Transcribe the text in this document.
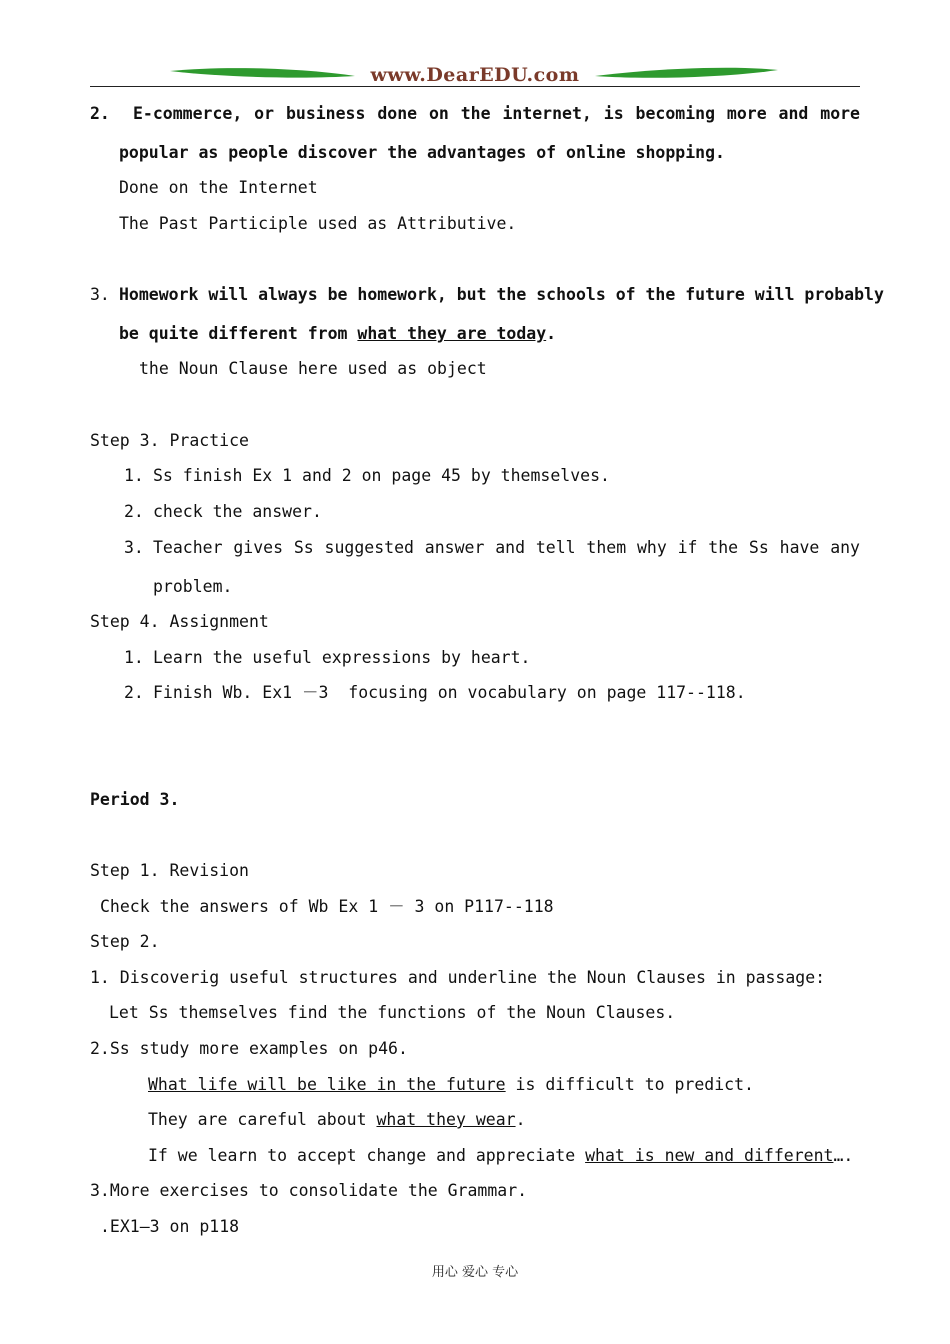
www.DearEDU.com
2. E-commerce, or business done on the internet, is becoming more and more
popular as people discover the advantages of online shopping.
Done on the Internet
The Past Participle used as Attributive.
3. Homework will always be homework, but the schools of the future will probably
be quite different from what they are today.
the Noun Clause here used as object
Step 3. Practice
1. Ss finish Ex 1 and 2 on page 45 by themselves.
2. check the answer.
3. Teacher gives Ss suggested answer and tell them why if the Ss have any
problem.
Step 4. Assignment
1. Learn the useful expressions by heart.
2. Finish Wb. Ex1 －3  focusing on vocabulary on page 117--118.
Period 3.
Step 1. Revision
Check the answers of Wb Ex 1 － 3 on P117--118
Step 2.
1. Discoverig useful structures and underline the Noun Clauses in passage:
Let Ss themselves find the functions of the Noun Clauses.
2.Ss study more examples on p46.
What life will be like in the future is difficult to predict.
They are careful about what they wear.
If we learn to accept change and appreciate what is new and different….
3.More exercises to consolidate the Grammar.
.EX1—3 on p118
用心 爱心 专心
